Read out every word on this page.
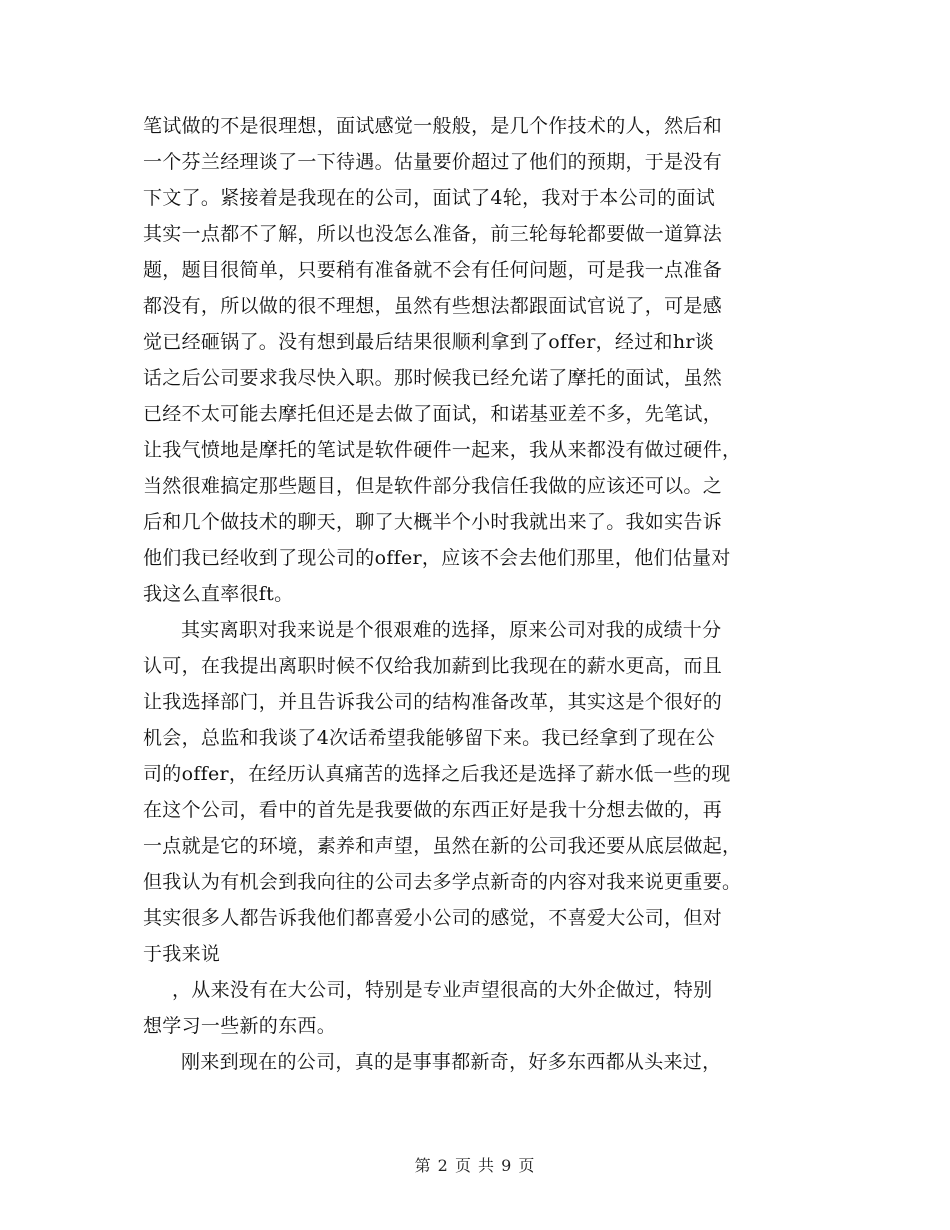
笔试做的不是很理想，面试感觉一般般，是几个作技术的人，然后和
一个芬兰经理谈了一下待遇。估量要价超过了他们的预期，于是没有
下文了。紧接着是我现在的公司，面试了4轮，我对于本公司的面试
其实一点都不了解，所以也没怎么准备，前三轮每轮都要做一道算法
题，题目很简单，只要稍有准备就不会有任何问题，可是我一点准备
都没有，所以做的很不理想，虽然有些想法都跟面试官说了，可是感
觉已经砸锅了。没有想到最后结果很顺利拿到了offer，经过和hr谈
话之后公司要求我尽快入职。那时候我已经允诺了摩托的面试，虽然
已经不太可能去摩托但还是去做了面试，和诺基亚差不多，先笔试，
让我气愤地是摩托的笔试是软件硬件一起来，我从来都没有做过硬件，
当然很难搞定那些题目，但是软件部分我信任我做的应该还可以。之
后和几个做技术的聊天，聊了大概半个小时我就出来了。我如实告诉
他们我已经收到了现公司的offer，应该不会去他们那里，他们估量对
我这么直率很ft。
其实离职对我来说是个很艰难的选择，原来公司对我的成绩十分
认可，在我提出离职时候不仅给我加薪到比我现在的薪水更高，而且
让我选择部门，并且告诉我公司的结构准备改革，其实这是个很好的
机会，总监和我谈了4次话希望我能够留下来。我已经拿到了现在公
司的offer，在经历认真痛苦的选择之后我还是选择了薪水低一些的现
在这个公司，看中的首先是我要做的东西正好是我十分想去做的，再
一点就是它的环境，素养和声望，虽然在新的公司我还要从底层做起，
但我认为有机会到我向往的公司去多学点新奇的内容对我来说更重要。
其实很多人都告诉我他们都喜爱小公司的感觉，不喜爱大公司，但对
于我来说
，从来没有在大公司，特别是专业声望很高的大外企做过，特别
想学习一些新的东西。
刚来到现在的公司，真的是事事都新奇，好多东西都从头来过，
第 2 页 共 9 页
